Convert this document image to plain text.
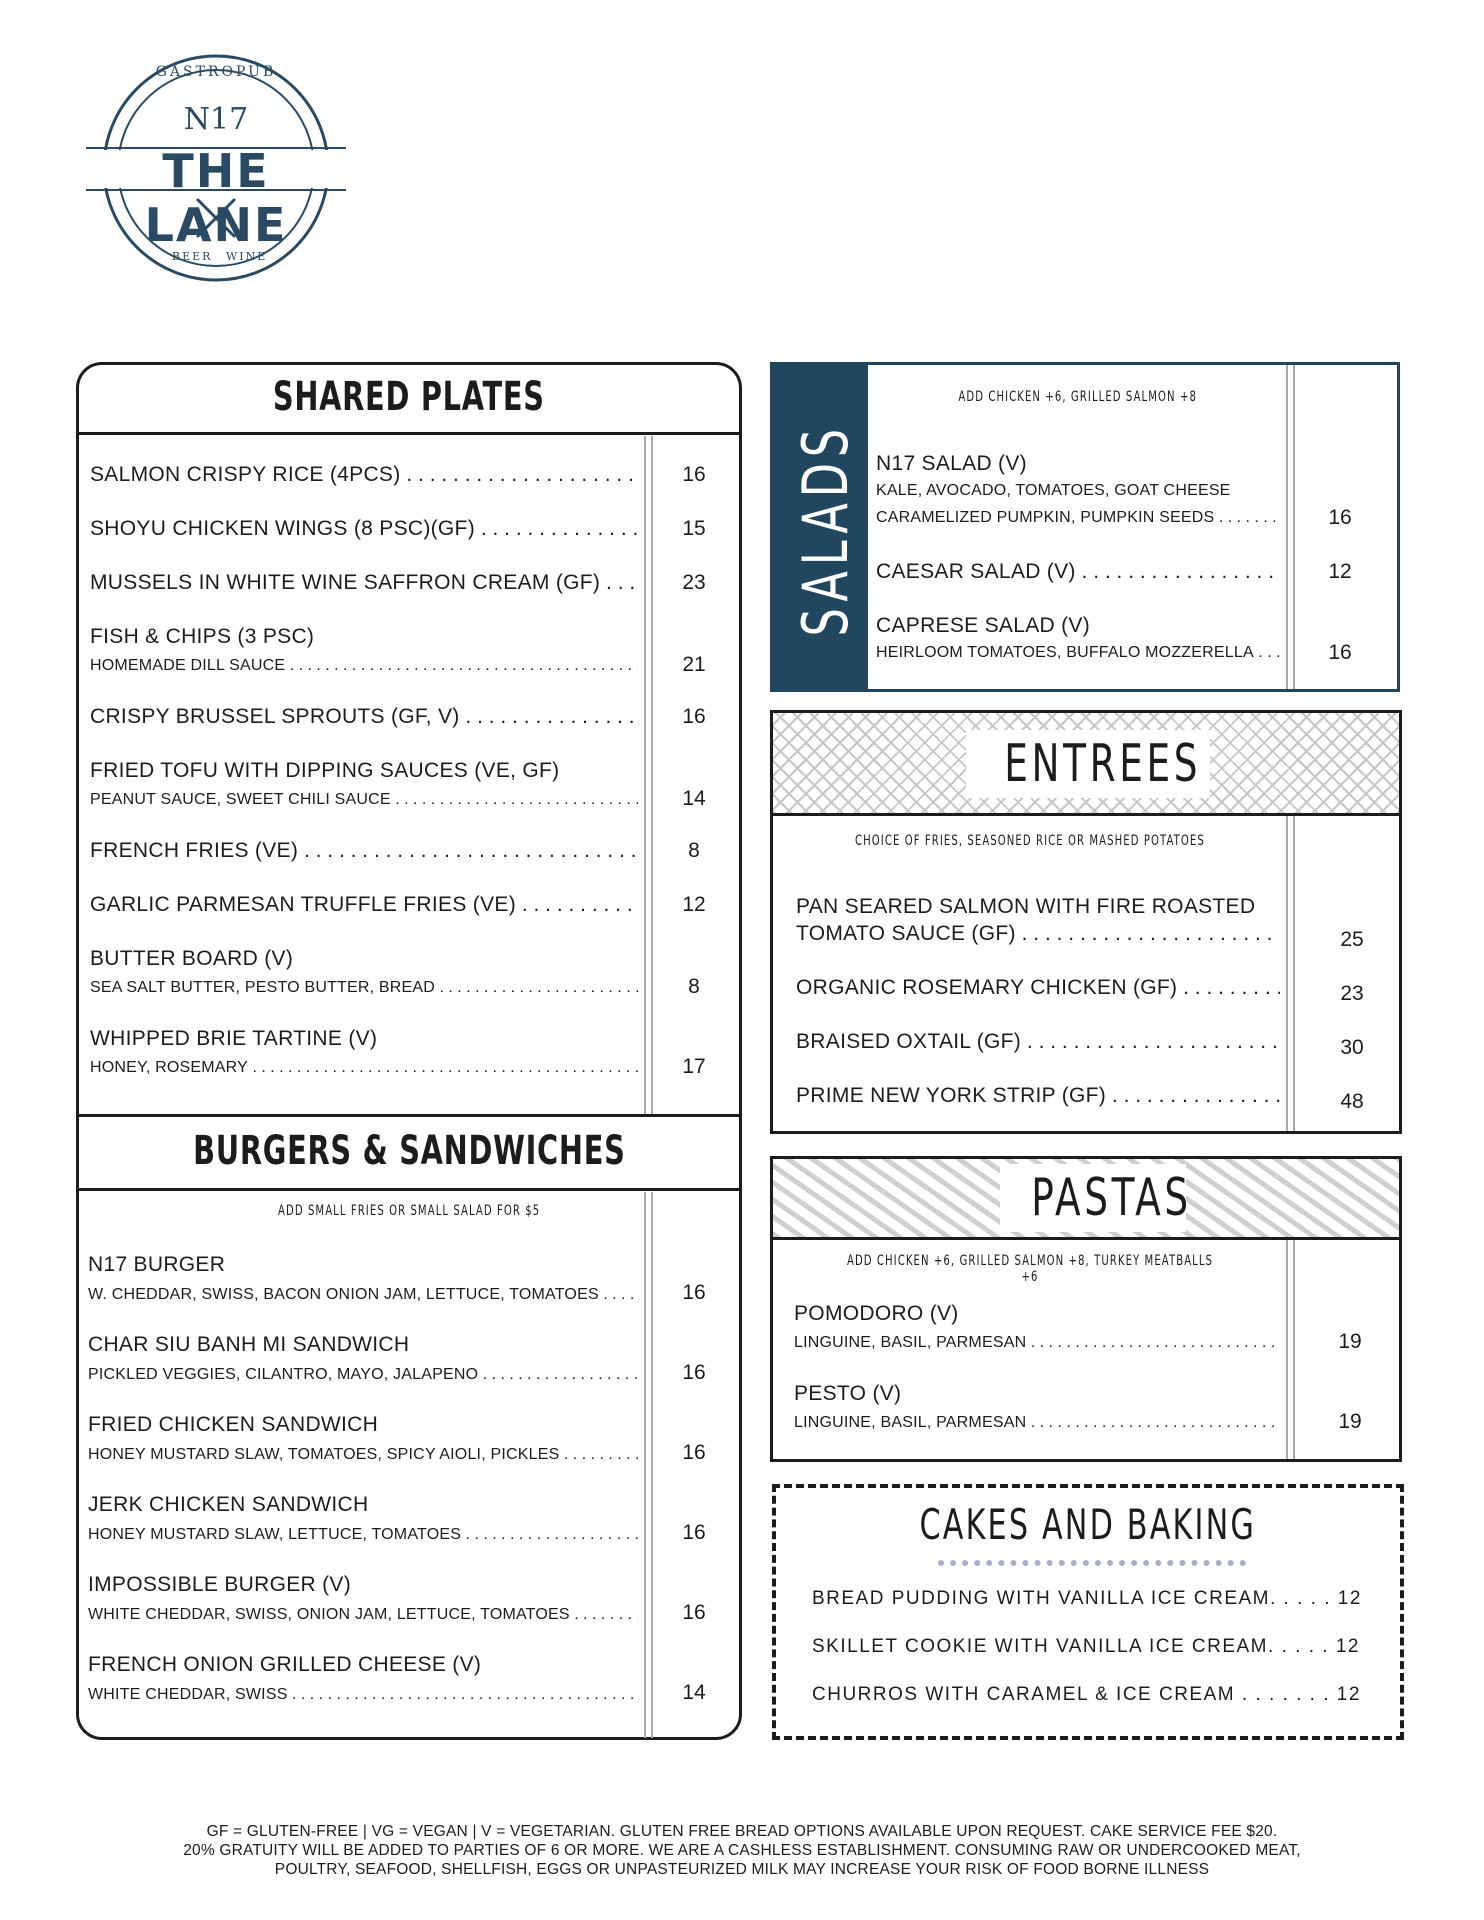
GASTROPUB
N17
THE LANE
BEER WINE
SHARED PLATES
SALMON CRISPY RICE (4PCS) . . .	16
SHOYU CHICKEN WINGS (8 PSC)(GF) . . .	15
MUSSELS IN WHITE WINE SAFFRON CREAM (GF) . . .	23
FISH & CHIPS (3 PSC)
HOMEMADE DILL SAUCE . . .	21
CRISPY BRUSSEL SPROUTS (GF, V) . . .	16
FRIED TOFU WITH DIPPING SAUCES (VE, GF)
PEANUT SAUCE, SWEET CHILI SAUCE . . .	14
FRENCH FRIES (VE) . . .	8
GARLIC PARMESAN TRUFFLE FRIES (VE) . . .	12
BUTTER BOARD (V)
SEA SALT BUTTER, PESTO BUTTER, BREAD . . .	8
WHIPPED BRIE TARTINE (V)
HONEY, ROSEMARY . . .	17
BURGERS & SANDWICHES
ADD SMALL FRIES OR SMALL SALAD FOR $5
N17 BURGER
W. CHEDDAR, SWISS, BACON ONION JAM, LETTUCE, TOMATOES . . .	16
CHAR SIU BANH MI SANDWICH
PICKLED VEGGIES, CILANTRO, MAYO, JALAPENO . . .	16
FRIED CHICKEN SANDWICH
HONEY MUSTARD SLAW, TOMATOES, SPICY AIOLI, PICKLES . . .	16
JERK CHICKEN SANDWICH
HONEY MUSTARD SLAW, LETTUCE, TOMATOES . . .	16
IMPOSSIBLE BURGER (V)
WHITE CHEDDAR, SWISS, ONION JAM, LETTUCE, TOMATOES . . .	16
FRENCH ONION GRILLED CHEESE (V)
WHITE CHEDDAR, SWISS . . .	14
SALADS
ADD CHICKEN +6, GRILLED SALMON +8
N17 SALAD (V)
KALE, AVOCADO, TOMATOES, GOAT CHEESE
CARAMELIZED PUMPKIN, PUMPKIN SEEDS . . .	16
CAESAR SALAD (V) . . .	12
CAPRESE SALAD (V)
HEIRLOOM TOMATOES, BUFFALO MOZZERELLA . . .	16
ENTREES
CHOICE OF FRIES, SEASONED RICE OR MASHED POTATOES
PAN SEARED SALMON WITH FIRE ROASTED
TOMATO SAUCE (GF) . . .	25
ORGANIC ROSEMARY CHICKEN (GF) . . .	23
BRAISED OXTAIL (GF) . . .	30
PRIME NEW YORK STRIP (GF) . . .	48
PASTAS
ADD CHICKEN +6, GRILLED SALMON +8, TURKEY MEATBALLS +6
POMODORO (V)
LINGUINE, BASIL, PARMESAN . . .	19
PESTO (V)
LINGUINE, BASIL, PARMESAN . . .	19
CAKES AND BAKING
BREAD PUDDING WITH VANILLA ICE CREAM. . . . . 12
SKILLET COOKIE WITH VANILLA ICE CREAM. . . . . 12
CHURROS WITH CARAMEL & ICE CREAM . . . . . . . 12
GF = GLUTEN-FREE | VG = VEGAN | V = VEGETARIAN. GLUTEN FREE BREAD OPTIONS AVAILABLE UPON REQUEST. CAKE SERVICE FEE $20.
20% GRATUITY WILL BE ADDED TO PARTIES OF 6 OR MORE. WE ARE A CASHLESS ESTABLISHMENT. CONSUMING RAW OR UNDERCOOKED MEAT,
POULTRY, SEAFOOD, SHELLFISH, EGGS OR UNPASTEURIZED MILK MAY INCREASE YOUR RISK OF FOOD BORNE ILLNESS
